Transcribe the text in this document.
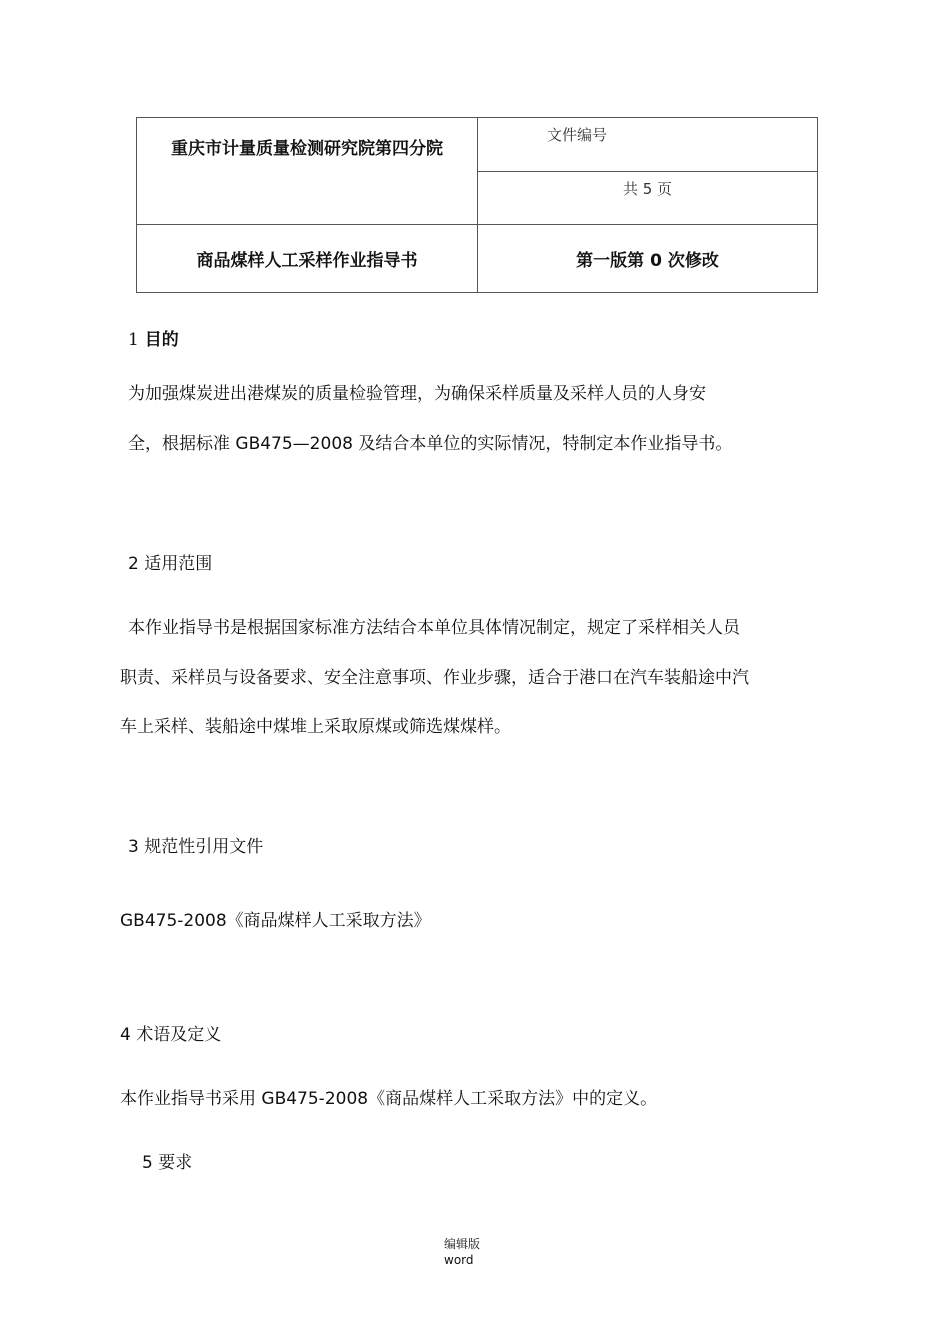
重庆市计量质量检测研究院第四分院	文件编号
	共 5 页
商品煤样人工采样作业指导书	第一版第 0 次修改
1 目的
为加强煤炭进出港煤炭的质量检验管理，为确保采样质量及采样人员的人身安
全，根据标准 GB475—2008 及结合本单位的实际情况，特制定本作业指导书。
2 适用范围
本作业指导书是根据国家标准方法结合本单位具体情况制定，规定了采样相关人员
职责、采样员与设备要求、安全注意事项、作业步骤，适合于港口在汽车装船途中汽
车上采样、装船途中煤堆上采取原煤或筛选煤煤样。
3 规范性引用文件
GB475-2008《商品煤样人工采取方法》
4 术语及定义
本作业指导书采用 GB475-2008《商品煤样人工采取方法》中的定义。
5 要求
编辑版
word
